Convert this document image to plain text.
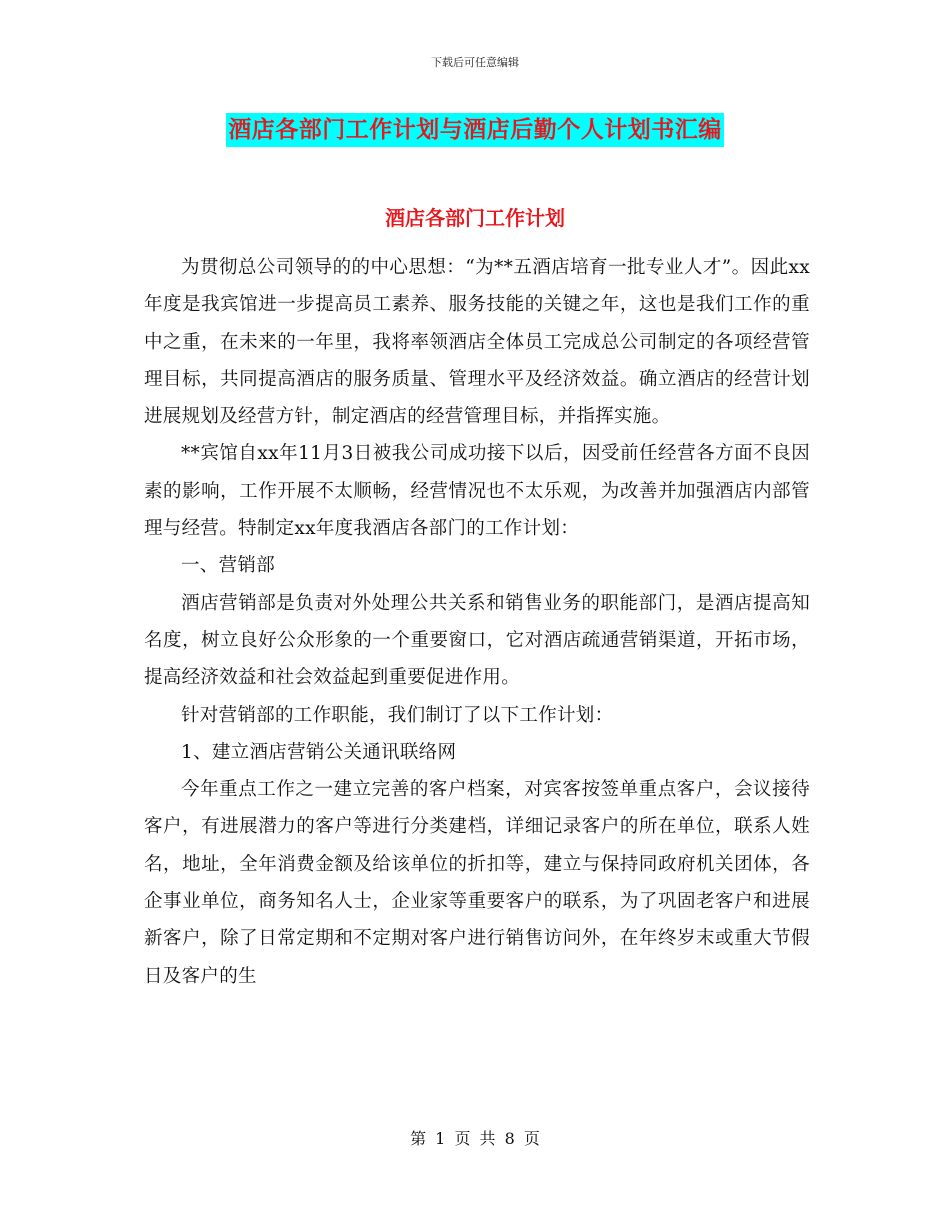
下载后可任意编辑
酒店各部门工作计划与酒店后勤个人计划书汇编
酒店各部门工作计划

为贯彻总公司领导的的中心思想：“为**五酒店培育一批专业人才”。因此xx年度是我宾馆进一步提高员工素养、服务技能的关键之年，这也是我们工作的重中之重，在未来的一年里，我将率领酒店全体员工完成总公司制定的各项经营管理目标，共同提高酒店的服务质量、管理水平及经济效益。确立酒店的经营计划进展规划及经营方针，制定酒店的经营管理目标，并指挥实施。

**宾馆自xx年11月3日被我公司成功接下以后，因受前任经营各方面不良因素的影响，工作开展不太顺畅，经营情况也不太乐观，为改善并加强酒店内部管理与经营。特制定xx年度我酒店各部门的工作计划：

一、营销部

酒店营销部是负责对外处理公共关系和销售业务的职能部门，是酒店提高知名度，树立良好公众形象的一个重要窗口，它对酒店疏通营销渠道，开拓市场，提高经济效益和社会效益起到重要促进作用。

针对营销部的工作职能，我们制订了以下工作计划：

1、建立酒店营销公关通讯联络网

今年重点工作之一建立完善的客户档案，对宾客按签单重点客户，会议接待客户，有进展潜力的客户等进行分类建档，详细记录客户的所在单位，联系人姓名，地址，全年消费金额及给该单位的折扣等，建立与保持同政府机关团体，各企事业单位，商务知名人士，企业家等重要客户的联系，为了巩固老客户和进展新客户，除了日常定期和不定期对客户进行销售访问外，在年终岁末或重大节假日及客户的生

第 1 页 共 8 页
